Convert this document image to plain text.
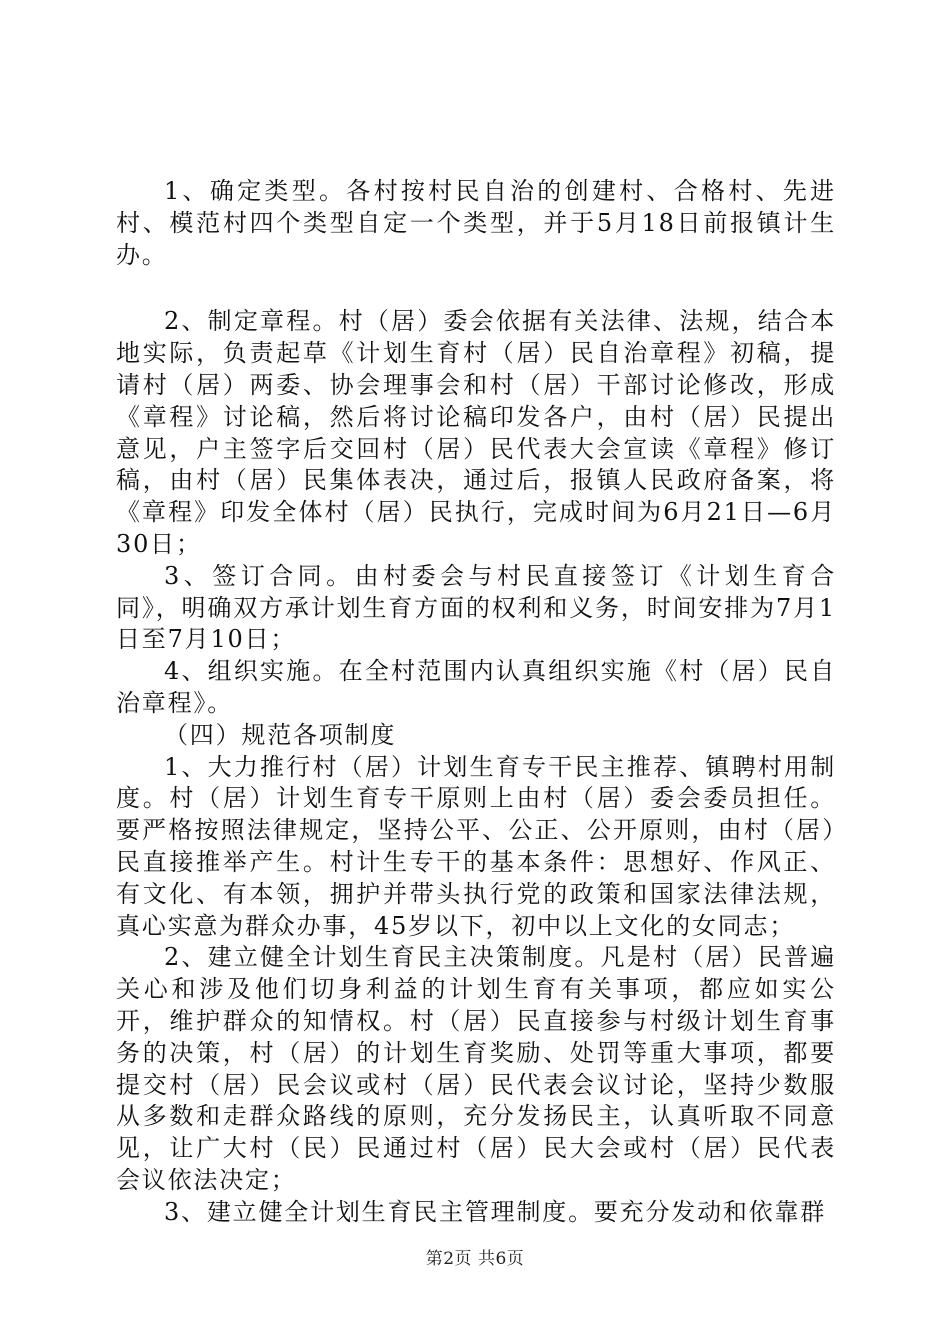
1、确定类型。各村按村民自治的创建村、合格村、先进村、模范村四个类型自定一个类型，并于5月18日前报镇计生办。

2、制定章程。村（居）委会依据有关法律、法规，结合本地实际，负责起草《计划生育村（居）民自治章程》初稿，提请村（居）两委、协会理事会和村（居）干部讨论修改，形成《章程》讨论稿，然后将讨论稿印发各户，由村（居）民提出意见，户主签字后交回村（居）民代表大会宣读《章程》修订稿，由村（居）民集体表决，通过后，报镇人民政府备案，将《章程》印发全体村（居）民执行，完成时间为6月21日—6月30日；

3、签订合同。由村委会与村民直接签订《计划生育合同》，明确双方承计划生育方面的权利和义务，时间安排为7月1日至7月10日；

4、组织实施。在全村范围内认真组织实施《村（居）民自治章程》。

（四）规范各项制度

1、大力推行村（居）计划生育专干民主推荐、镇聘村用制度。村（居）计划生育专干原则上由村（居）委会委员担任。要严格按照法律规定，坚持公平、公正、公开原则，由村（居）民直接推举产生。村计生专干的基本条件：思想好、作风正、有文化、有本领，拥护并带头执行党的政策和国家法律法规，真心实意为群众办事，45岁以下，初中以上文化的女同志；

2、建立健全计划生育民主决策制度。凡是村（居）民普遍关心和涉及他们切身利益的计划生育有关事项，都应如实公开，维护群众的知情权。村（居）民直接参与村级计划生育事务的决策，村（居）的计划生育奖励、处罚等重大事项，都要提交村（居）民会议或村（居）民代表会议讨论，坚持少数服从多数和走群众路线的原则，充分发扬民主，认真听取不同意见，让广大村（民）民通过村（居）民大会或村（居）民代表会议依法决定；

3、建立健全计划生育民主管理制度。要充分发动和依靠群

第2页 共6页
